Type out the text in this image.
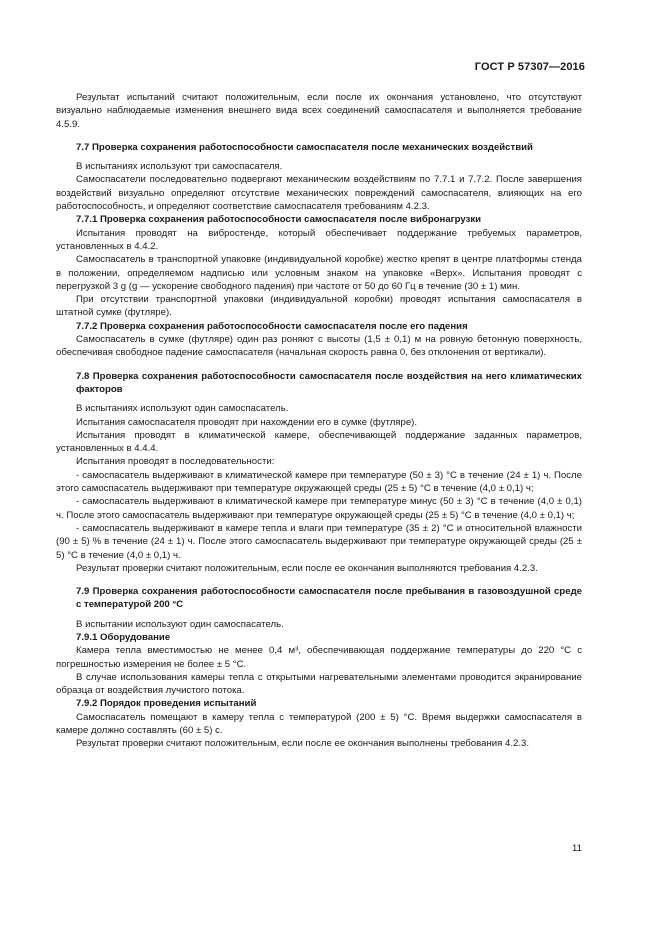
ГОСТ Р 57307—2016

Результат испытаний считают положительным, если после их окончания установлено, что отсутствуют визуально наблюдаемые изменения внешнего вида всех соединений самоспасателя и выполняется требование 4.5.9.

7.7 Проверка сохранения работоспособности самоспасателя после механических воздействий

В испытаниях используют три самоспасателя.

Самоспасатели последовательно подвергают механическим воздействиям по 7.7.1 и 7.7.2. После завершения воздействий визуально определяют отсутствие механических повреждений самоспасателя, влияющих на его работоспособность, и определяют соответствие самоспасателя требованиям 4.2.3.

7.7.1 Проверка сохранения работоспособности самоспасателя после вибронагрузки

Испытания проводят на вибростенде, который обеспечивает поддержание требуемых параметров, установленных в 4.4.2.

Самоспасатель в транспортной упаковке (индивидуальной коробке) жестко крепят в центре платформы стенда в положении, определяемом надписью или условным знаком на упаковке «Верх». Испытания проводят с перегрузкой 3 g (g — ускорение свободного падения) при частоте от 50 до 60 Гц в течение (30 ± 1) мин.

При отсутствии транспортной упаковки (индивидуальной коробки) проводят испытания самоспасателя в штатной сумке (футляре).

7.7.2 Проверка сохранения работоспособности самоспасателя после его падения

Самоспасатель в сумке (футляре) один раз роняют с высоты (1,5 ± 0,1) м на ровную бетонную поверхность, обеспечивая свободное падение самоспасателя (начальная скорость равна 0, без отклонения от вертикали).

7.8 Проверка сохранения работоспособности самоспасателя после воздействия на него климатических факторов

В испытаниях используют один самоспасатель.

Испытания самоспасателя проводят при нахождении его в сумке (футляре).

Испытания проводят в климатической камере, обеспечивающей поддержание заданных параметров, установленных в 4.4.4.

Испытания проводят в последовательности:

- самоспасатель выдерживают в климатической камере при температуре (50 ± 3) °С в течение (24 ± 1) ч. После этого самоспасатель выдерживают при температуре окружающей среды (25 ± 5) °С в течение (4,0 ± 0,1) ч;

- самоспасатель выдерживают в климатической камере при температуре минус (50 ± 3) °С в течение (4,0 ± 0,1) ч. После этого самоспасатель выдерживают при температуре окружающей среды (25 ± 5) °С в течение (4,0 ± 0,1) ч;

- самоспасатель выдерживают в камере тепла и влаги при температуре (35 ± 2) °С и относительной влажности (90 ± 5) % в течение (24 ± 1) ч. После этого самоспасатель выдерживают при температуре окружающей среды (25 ± 5) °С в течение (4,0 ± 0,1) ч.

Результат проверки считают положительным, если после ее окончания выполняются требования 4.2.3.

7.9 Проверка сохранения работоспособности самоспасателя после пребывания в газовоздушной среде с температурой 200 °С

В испытании используют один самоспасатель.

7.9.1 Оборудование

Камера тепла вместимостью не менее 0,4 м³, обеспечивающая поддержание температуры до 220 °С с погрешностью измерения не более ± 5 °С.

В случае использования камеры тепла с открытыми нагревательными элементами проводится экранирование образца от воздействия лучистого потока.

7.9.2 Порядок проведения испытаний

Самоспасатель помещают в камеру тепла с температурой (200 ± 5) °С. Время выдержки самоспасателя в камере должно составлять (60 ± 5) с.

Результат проверки считают положительным, если после ее окончания выполнены требования 4.2.3.

11
